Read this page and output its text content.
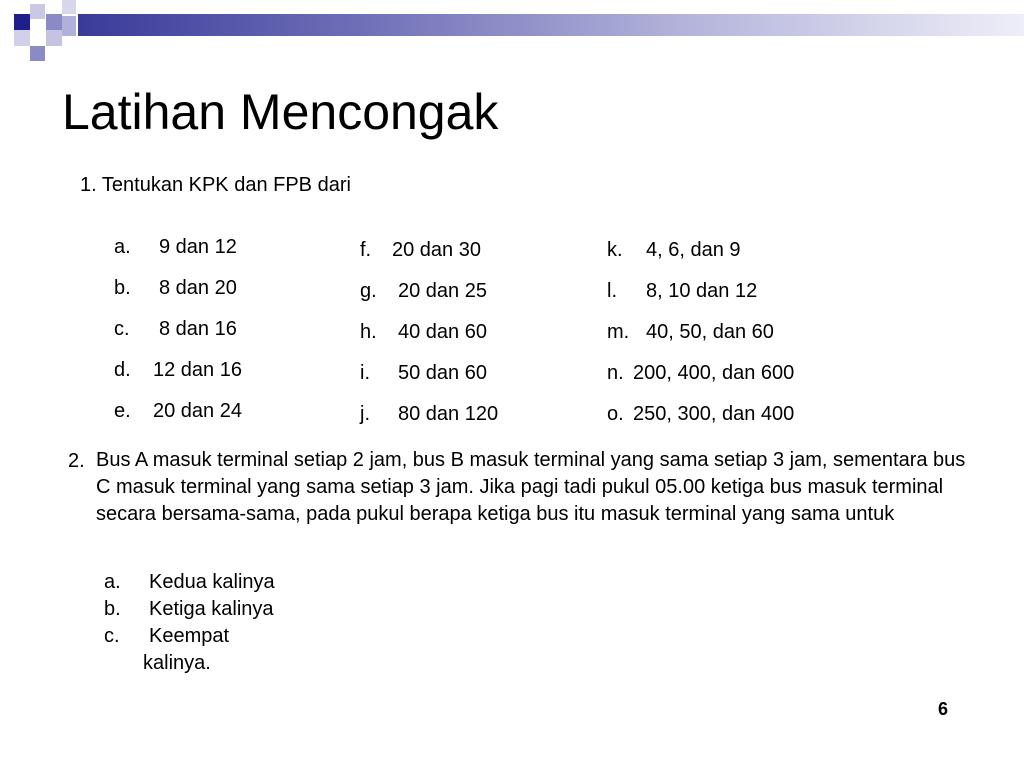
Latihan Mencongak
1. Tentukan KPK dan FPB dari
a. 9 dan 12
b. 8 dan 20
c. 8 dan 16
d. 12 dan 16
e. 20 dan 24
f. 20 dan 30
g. 20 dan 25
h. 40 dan 60
i. 50 dan 60
j. 80 dan 120
k. 4, 6, dan 9
l. 8, 10 dan 12
m. 40, 50, dan 60
n. 200, 400, dan 600
o. 250, 300, dan 400
2. Bus A masuk terminal setiap 2 jam, bus B masuk terminal yang sama setiap 3 jam, sementara bus C masuk terminal yang sama setiap 3 jam. Jika pagi tadi pukul 05.00 ketiga bus masuk terminal secara bersama-sama, pada pukul berapa ketiga bus itu masuk terminal yang sama untuk
a. Kedua kalinya
b. Ketiga kalinya
c. Keempat
kalinya.
6
